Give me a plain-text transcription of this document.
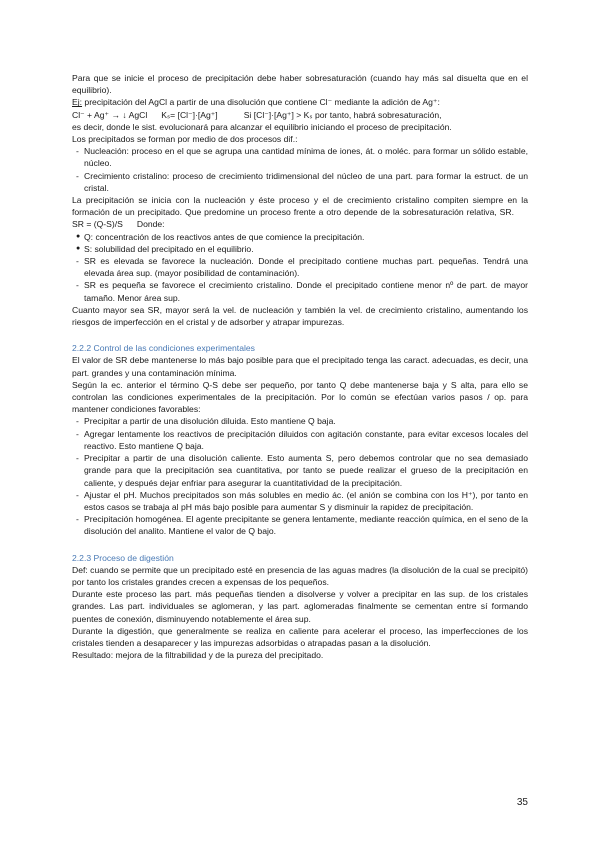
Para que se inicie el proceso de precipitación debe haber sobresaturación (cuando hay más sal disuelta que en el equilibrio).

Ej: precipitación del AgCl a partir de una disolución que contiene Cl⁻ mediante la adición de Ag⁺:

Cl⁻ + Ag⁺ → ↓ AgCl Kₛ= [Cl⁻]·[Ag⁺]	Si [Cl⁻]·[Ag⁺] > Kₛ por tanto, habrá sobresaturación,

es decir, donde le sist. evolucionará para alcanzar el equilibrio iniciando el proceso de precipitación.

Los precipitados se forman por medio de dos procesos dif.:

- Nucleación: proceso en el que se agrupa una cantidad mínima de iones, át. o moléc. para formar un sólido estable, núcleo.
- Crecimiento cristalino: proceso de crecimiento tridimensional del núcleo de una part. para formar la estruct. de un cristal.

La precipitación se inicia con la nucleación y éste proceso y el de crecimiento cristalino compiten siempre en la formación de un precipitado. Que predomine un proceso frente a otro depende de la sobresaturación relativa, SR.SR = (Q-S)/S Donde:

● Q: concentración de los reactivos antes de que comience la precipitación.
● S: solubilidad del precipitado en el equilibrio.
- SR es elevada se favorece la nucleación. Donde el precipitado contiene muchas part. pequeñas. Tendrá una elevada área sup. (mayor posibilidad de contaminación).
- SR es pequeña se favorece el crecimiento cristalino. Donde el precipitado contiene menor nº de part. de mayor tamaño. Menor área sup.

Cuanto mayor sea SR, mayor será la vel. de nucleación y también la vel. de crecimiento cristalino, aumentando los riesgos de imperfección en el cristal y de adsorber y atrapar impurezas.

2.2.2 Control de las condiciones experimentales

El valor de SR debe mantenerse lo más bajo posible para que el precipitado tenga las caract. adecuadas, es decir, una part. grandes y una contaminación mínima.

Según la ec. anterior el término Q-S debe ser pequeño, por tanto Q debe mantenerse baja y S alta, para ello se controlan las condiciones experimentales de la precipitación. Por lo común se efectúan varios pasos / op. para mantener condiciones favorables:

- Precipitar a partir de una disolución diluida. Esto mantiene Q baja.
- Agregar lentamente los reactivos de precipitación diluidos con agitación constante, para evitar excesos locales del reactivo. Esto mantiene Q baja.
- Precipitar a partir de una disolución caliente. Esto aumenta S, pero debemos controlar que no sea demasiado grande para que la precipitación sea cuantitativa, por tanto se puede realizar el grueso de la precipitación en caliente, y después dejar enfriar para asegurar la cuantitatividad de la precipitación.
- Ajustar el pH. Muchos precipitados son más solubles en medio ác. (el anión se combina con los H⁺), por tanto en estos casos se trabaja al pH más bajo posible para aumentar S y disminuir la rapidez de precipitación.
- Precipitación homogénea. El agente precipitante se genera lentamente, mediante reacción química, en el seno de la disolución del analito. Mantiene el valor de Q bajo.
2.2.3 Proceso de digestión

Def: cuando se permite que un precipitado esté en presencia de las aguas madres (la disolución de la cual se precipitó) por tanto los cristales grandes crecen a expensas de los pequeños.

Durante este proceso las part. más pequeñas tienden a disolverse y volver a precipitar en las sup. de los cristales grandes. Las part. individuales se aglomeran, y las part. aglomeradas finalmente se cementan entre sí formando puentes de conexión, disminuyendo notablemente el área sup.

Durante la digestión, que generalmente se realiza en caliente para acelerar el proceso, las imperfecciones de los cristales tienden a desaparecer y las impurezas adsorbidas o atrapadas pasan a la disolución.

Resultado: mejora de la filtrabilidad y de la pureza del precipitado.

35
